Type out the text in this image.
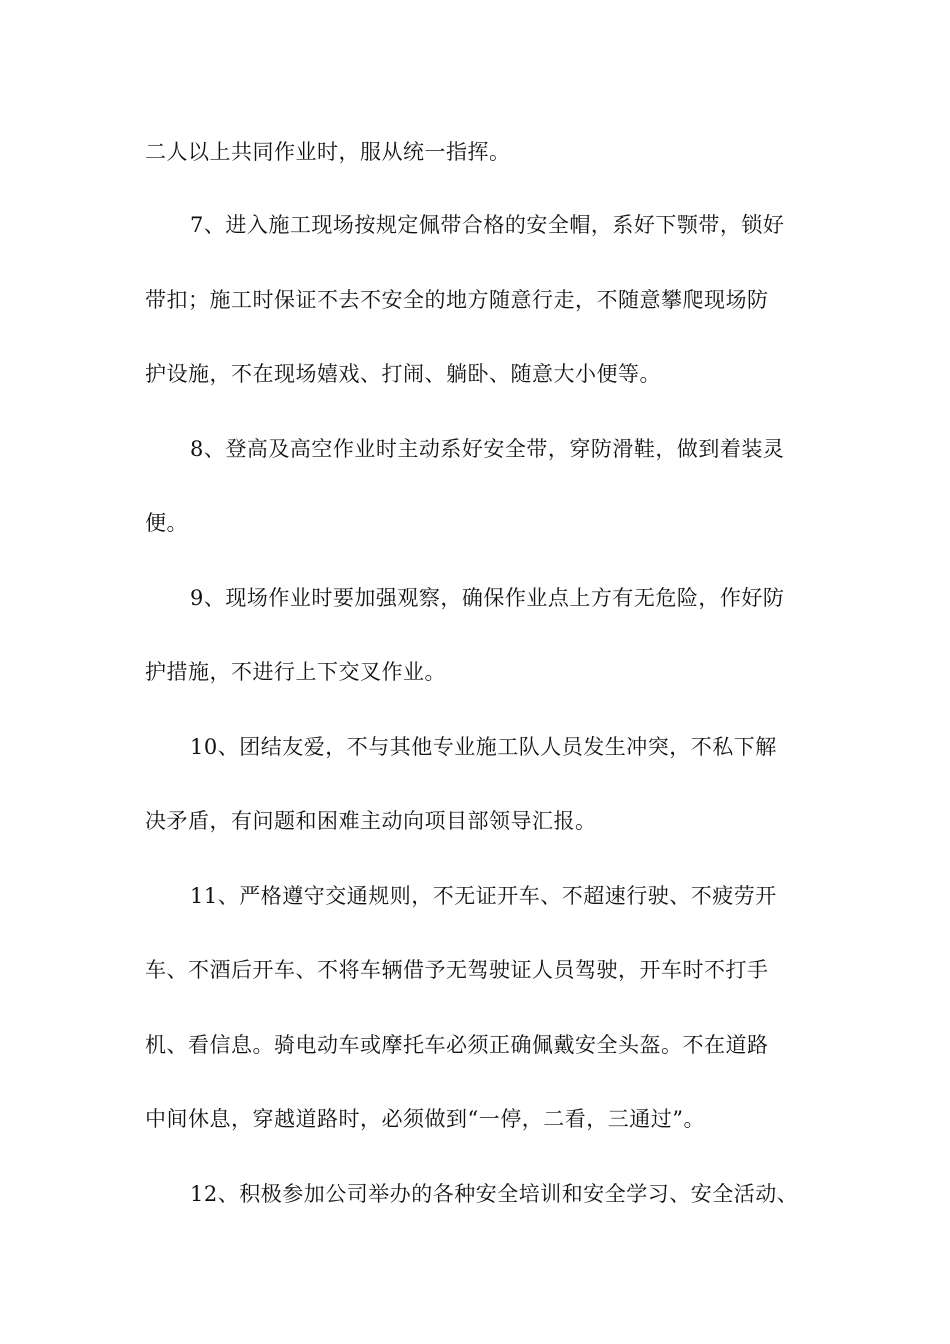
二人以上共同作业时，服从统一指挥。
7、进入施工现场按规定佩带合格的安全帽，系好下颚带，锁好
带扣；施工时保证不去不安全的地方随意行走，不随意攀爬现场防
护设施，不在现场嬉戏、打闹、躺卧、随意大小便等。
8、登高及高空作业时主动系好安全带，穿防滑鞋，做到着装灵
便。
9、现场作业时要加强观察，确保作业点上方有无危险，作好防
护措施，不进行上下交叉作业。
10、团结友爱，不与其他专业施工队人员发生冲突，不私下解
决矛盾，有问题和困难主动向项目部领导汇报。
11、严格遵守交通规则，不无证开车、不超速行驶、不疲劳开
车、不酒后开车、不将车辆借予无驾驶证人员驾驶，开车时不打手
机、看信息。骑电动车或摩托车必须正确佩戴安全头盔。不在道路
中间休息，穿越道路时，必须做到“一停，二看，三通过”。
12、积极参加公司举办的各种安全培训和安全学习、安全活动、
